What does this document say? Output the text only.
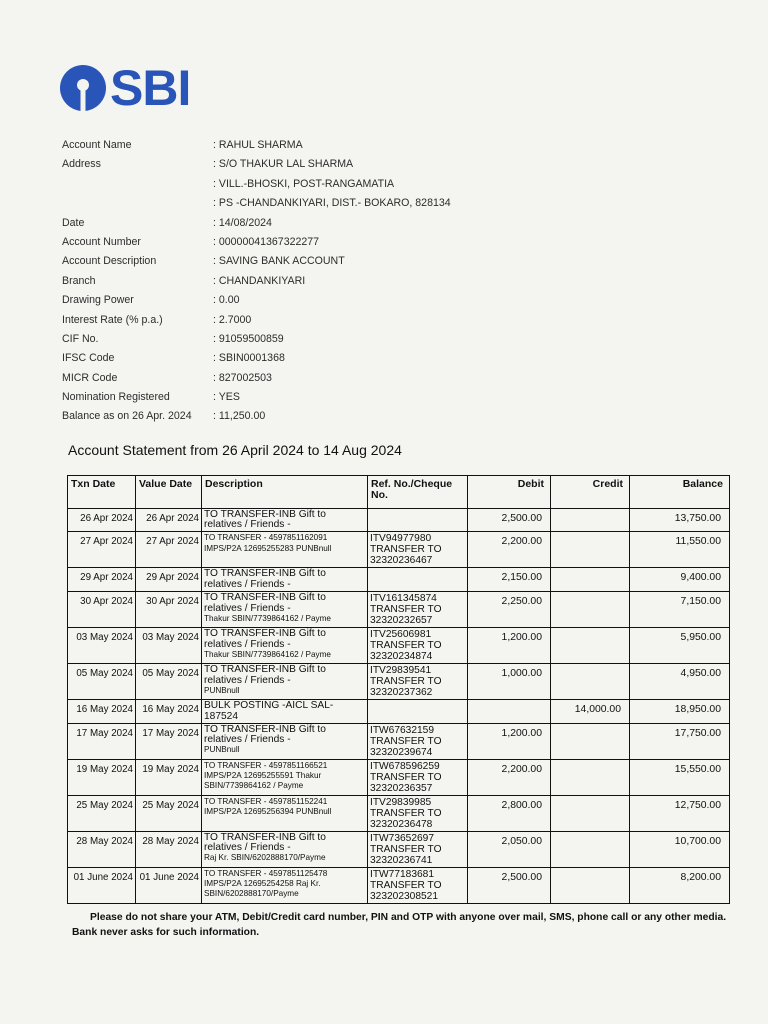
SBI
Account Name	: RAHUL SHARMA
Address	: S/O THAKUR LAL SHARMA
: VILL.-BHOSKI, POST-RANGAMATIA
: PS -CHANDANKIYARI, DIST.- BOKARO, 828134
Date	: 14/08/2024
Account Number	: 00000041367322277
Account Description	: SAVING BANK ACCOUNT
Branch	: CHANDANKIYARI
Drawing Power	: 0.00
Interest Rate (% p.a.)	: 2.7000
CIF No.	: 91059500859
IFSC Code	: SBIN0001368
MICR Code	: 827002503
Nomination Registered	: YES
Balance as on 26 Apr. 2024 : 11,250.00
Account Statement from 26 April 2024 to 14 Aug 2024
Txn Date	Value Date	Description	Ref. No./Cheque No.	Debit	Credit	Balance
26 Apr 2024	26 Apr 2024	TO TRANSFER-INB Gift to relatives / Friends -		2,500.00		13,750.00
27 Apr 2024	27 Apr 2024	TO TRANSFER - 4597851162091 IMPS/P2A 12695255283 PUNBnull	ITV94977980 TRANSFER TO 32320236467	2,200.00		11,550.00
29 Apr 2024	29 Apr 2024	TO TRANSFER-INB Gift to relatives / Friends -		2,150.00		9,400.00
30 Apr 2024	30 Apr 2024	TO TRANSFER-INB Gift to relatives / Friends -
Thakur SBIN/7739864162 / Payme	ITV161345874 TRANSFER TO 32320232657	2,250.00		7,150.00
03 May 2024	03 May 2024	TO TRANSFER-INB Gift to relatives / Friends -
Thakur SBIN/7739864162 / Payme	ITV25606981 TRANSFER TO 32320234874	1,200.00		5,950.00
05 May 2024	05 May 2024	TO TRANSFER-INB Gift to relatives / Friends -
PUNBnull	ITV29839541 TRANSFER TO 32320237362	1,000.00		4,950.00
16 May 2024	16 May 2024	BULK POSTING -AICL SAL-187524			14,000.00	18,950.00
17 May 2024	17 May 2024	TO TRANSFER-INB Gift to relatives / Friends -
PUNBnull	ITW67632159 TRANSFER TO 32320239674	1,200.00		17,750.00
19 May 2024	19 May 2024	TO TRANSFER - 4597851166521 IMPS/P2A 12695255591 Thakur SBIN/7739864162 / Payme	ITW678596259 TRANSFER TO 32320236357	2,200.00		15,550.00
25 May 2024	25 May 2024	TO TRANSFER - 4597851152241 IMPS/P2A 12695256394 PUNBnull	ITV29839985 TRANSFER TO 32320236478	2,800.00		12,750.00
28 May 2024	28 May 2024	TO TRANSFER-INB Gift to relatives / Friends -
Raj Kr. SBIN/6202888170/Payme	ITW73652697 TRANSFER TO 32320236741	2,050.00		10,700.00
01 June 2024	01 June 2024	TO TRANSFER - 4597851125478 IMPS/P2A 12695254258 Raj Kr. SBIN/6202888170/Payme	ITW77183681 TRANSFER TO 323202308521	2,500.00		8,200.00
Please do not share your ATM, Debit/Credit card number, PIN and OTP with anyone over mail, SMS, phone call or any other media. Bank never asks for such information.
